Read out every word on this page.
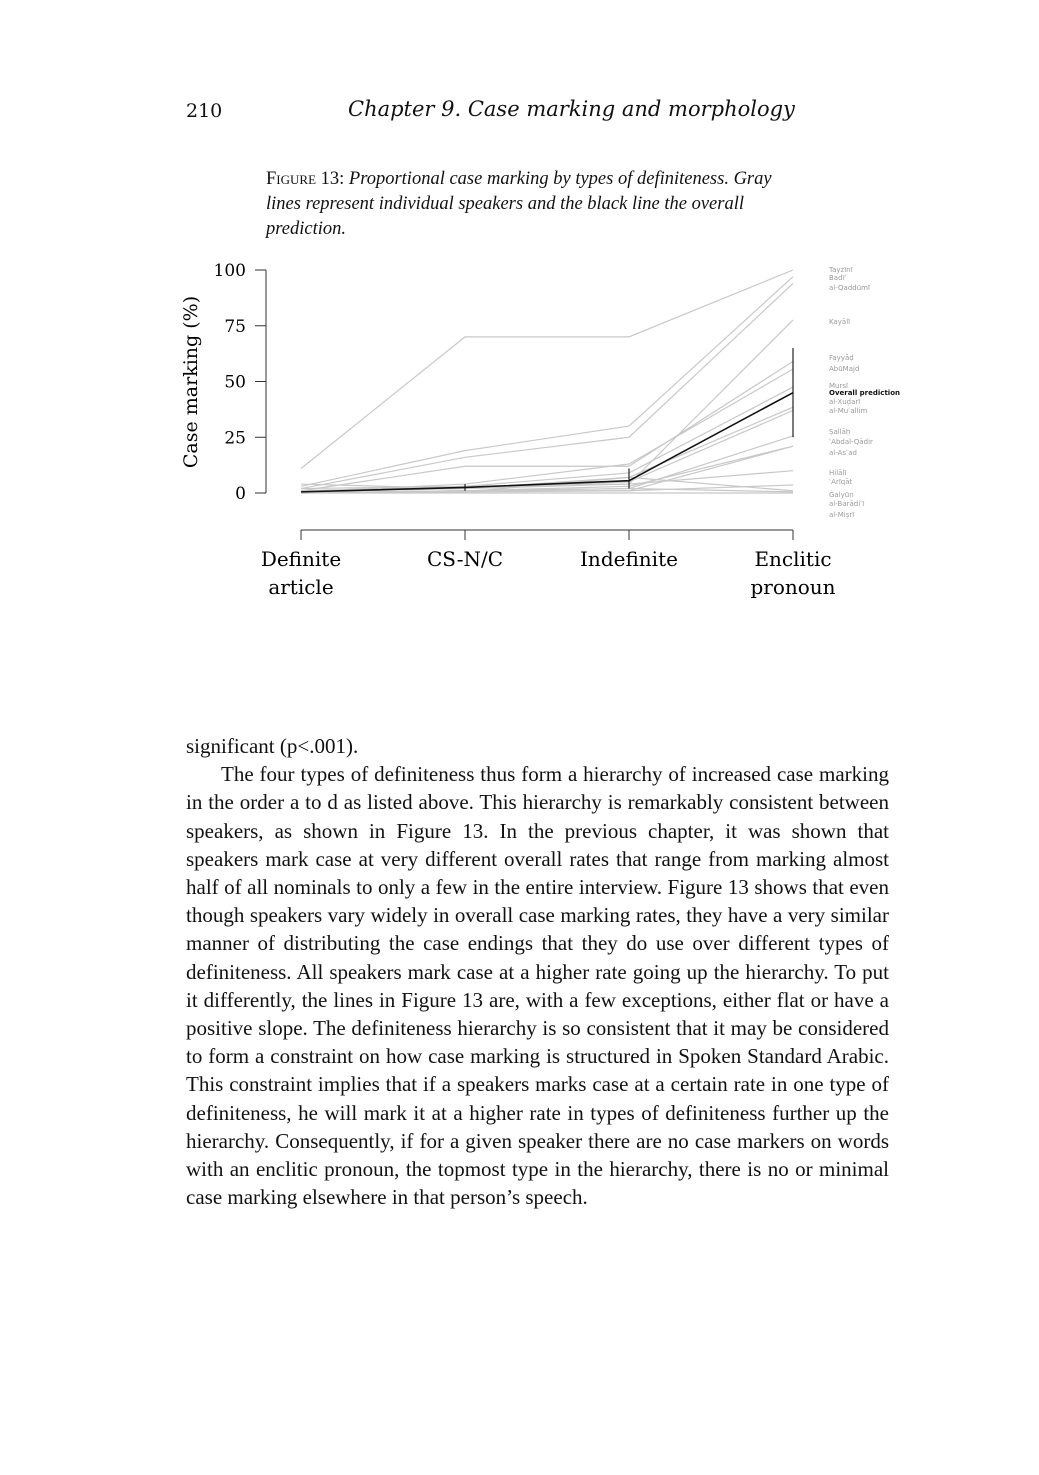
210	Chapter 9. Case marking and morphology
Figure 13: Proportional case marking by types of definiteness. Gray lines represent individual speakers and the black line the overall prediction.
0
25
50
75
100
Case marking (%)
Definite
article
CS-N/C	Indefinite	Enclitic
pronoun
Tayzīnī
Badīʿ
al-Qaddūmī
Kayālī
Fayyāḍ
AbūMajd
Mursī
Overall prediction
al-Xuḍarī
al-Muʿallim
Ṣallāḥ
ʿAbdal-Qādir
al-Asʿad
Hilālī
ʿArīqāt
Ġalyūn
al-Barādiʿī
al-Miṣrī

significant (p<.001).

The four types of definiteness thus form a hierarchy of increased case marking in the order a to d as listed above. This hierarchy is remarkably consistent between speakers, as shown in Figure 13. In the previous chapter, it was shown that speakers mark case at very different overall rates that range from marking almost half of all nominals to only a few in the entire interview. Figure 13 shows that even though speakers vary widely in overall case marking rates, they have a very similar manner of distributing the case endings that they do use over different types of definiteness. All speakers mark case at a higher rate going up the hierarchy. To put it differently, the lines in Figure 13 are, with a few exceptions, either flat or have a positive slope. The definiteness hierarchy is so consistent that it may be considered to form a constraint on how case marking is structured in Spoken Standard Arabic. This constraint implies that if a speakers marks case at a certain rate in one type of definiteness, he will mark it at a higher rate in types of definiteness further up the hierarchy. Consequently, if for a given speaker there are no case markers on words with an enclitic pronoun, the topmost type in the hierarchy, there is no or minimal case marking elsewhere in that person’s speech.
